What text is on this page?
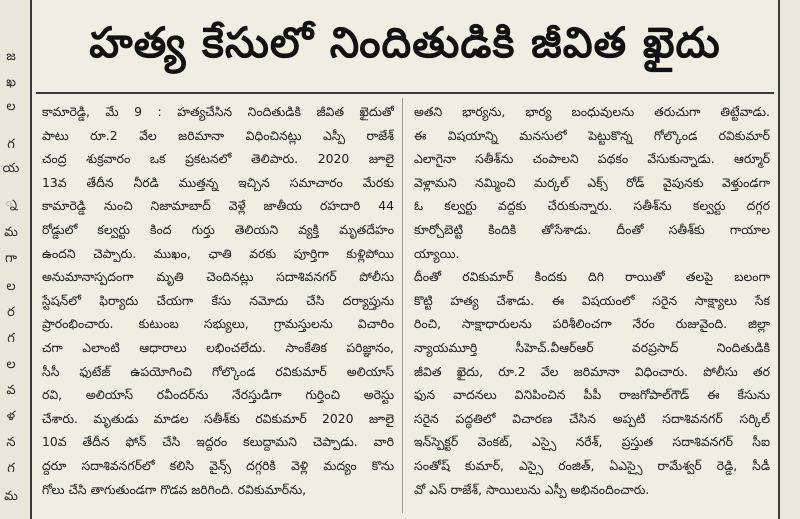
జ
ఖ
ల
గ
య
్న
మ
గా
ల
ర
గ
ల
వ
ళ
న
గ
మ
హత్య కేసులో నిందితుడికి జీవిత ఖైదు
కామారెడ్డి, మే 9 : హత్యచేసిన నిందితుడికి జీవిత ఖైదుతో
పాటు రూ.2 వేల జరిమానా విధించినట్లు ఎస్పీ రాజేశ్
చంద్ర శుక్రవారం ఒక ప్రకటనలో తెలిపారు. 2020 జూలై
13వ తేదీన నీరడి ముత్తన్న ఇచ్చిన సమాచారం మేరకు
కామారెడ్డి నుంచి నిజామాబాద్ వెళ్లే జాతీయ రహదారి 44
రోడ్డులో కల్వర్టు కింద గుర్తు తెలియని వ్యక్తి మృతదేహం
ఉందని చెప్పారు. ముఖం, ఛాతి వరకు పూర్తిగా కుళ్లిపోయి
అనుమానాస్పదంగా మృతి చెందినట్లు సదాశివనగర్ పోలీసు
స్టేషన్‌లో ఫిర్యాదు చేయగా కేసు నమోదు చేసి దర్యాప్తును
ప్రారంభించారు. కుటుంబ సభ్యులు, గ్రామస్తులను విచారిం
చగా ఎలాంటి ఆధారాలు లభించలేదు. సాంకేతిక పరిజ్ఞానం,
సీసీ ఫుటేజ్ ఉపయోగించి గోల్కొండ రవికుమార్ అలియాస్
రవి, అలియాస్ రవీందర్‌ను నేరస్తుడిగా గుర్తించి అరెస్టు
చేశారు. మృతుడు మాడల సతీశ్‌కు రవికుమార్ 2020 జూలై
10వ తేదీన ఫోన్ చేసి ఇద్దరం కలుద్దామని చెప్పాడు. వారి
ద్దరూ సదాశివనగర్‌లో కలిసి వైన్స్ దగ్గరికి వెళ్లి మద్యం కొను
గోలు చేసి తాగుతుండగా గొడవ జరిగింది. రవికుమార్‌ను,
అతని భార్యను, భార్య బంధువులను తరుచుగా తిట్టేవాడు.
ఈ విషయాన్ని మనసులో పెట్టుకొన్న గోల్కొండ రవికుమార్
ఎలాగైనా సతీశ్‌ను చంపాలని పథకం వేసుకున్నాడు. ఆర్మూర్
వెళ్లామని నమ్మించి మర్కల్ ఎక్స్ రోడ్ వైపునకు వెళ్తుండగా
ఓ కల్వర్టు వద్దకు చేరుకున్నారు. సతీశ్‌ను కల్వర్టు దగ్గర
కూర్చోబెట్టి కిందికి తోసేశాడు. దీంతో సతీశ్‌కు గాయాల
య్యాయి.
దీంతో రవికుమార్ కిందకు దిగి రాయితో తలపై బలంగా
కొట్టి హత్య చేశాడు. ఈ విషయంలో సరైన సాక్ష్యాలు సేక
రించి, సాక్షాధారులను పరిశీలించగా నేరం రుజువైంది. జిల్లా
న్యాయమూర్తి సీహెచ్.వీఆర్ఆర్ వరప్రసాద్ నిందితుడికి
జీవిత ఖైదు, రూ.2 వేల జరిమానా విధించారు. పోలీసు తర
ఫున వాదనలు వినిపించిన పీపీ రాజగోపాల్‌గౌడ్ ఈ కేసును
సరైన పద్ధతిలో విచారణ చేసిన అప్పటి సదాశివనగర్ సర్కిల్
ఇన్‌స్పెక్టర్ వెంకట్, ఎస్సై నరేశ్, ప్రస్తుత సదాశివనగర్ సీఐ
సంతోష్ కుమార్, ఎస్సై రంజిత్, ఏఎస్సై రామేశ్వర్ రెడ్డి, సీడీ
వో ఎస్ రాజేశ్, సాయిలును ఎస్పీ అభినందించారు.
